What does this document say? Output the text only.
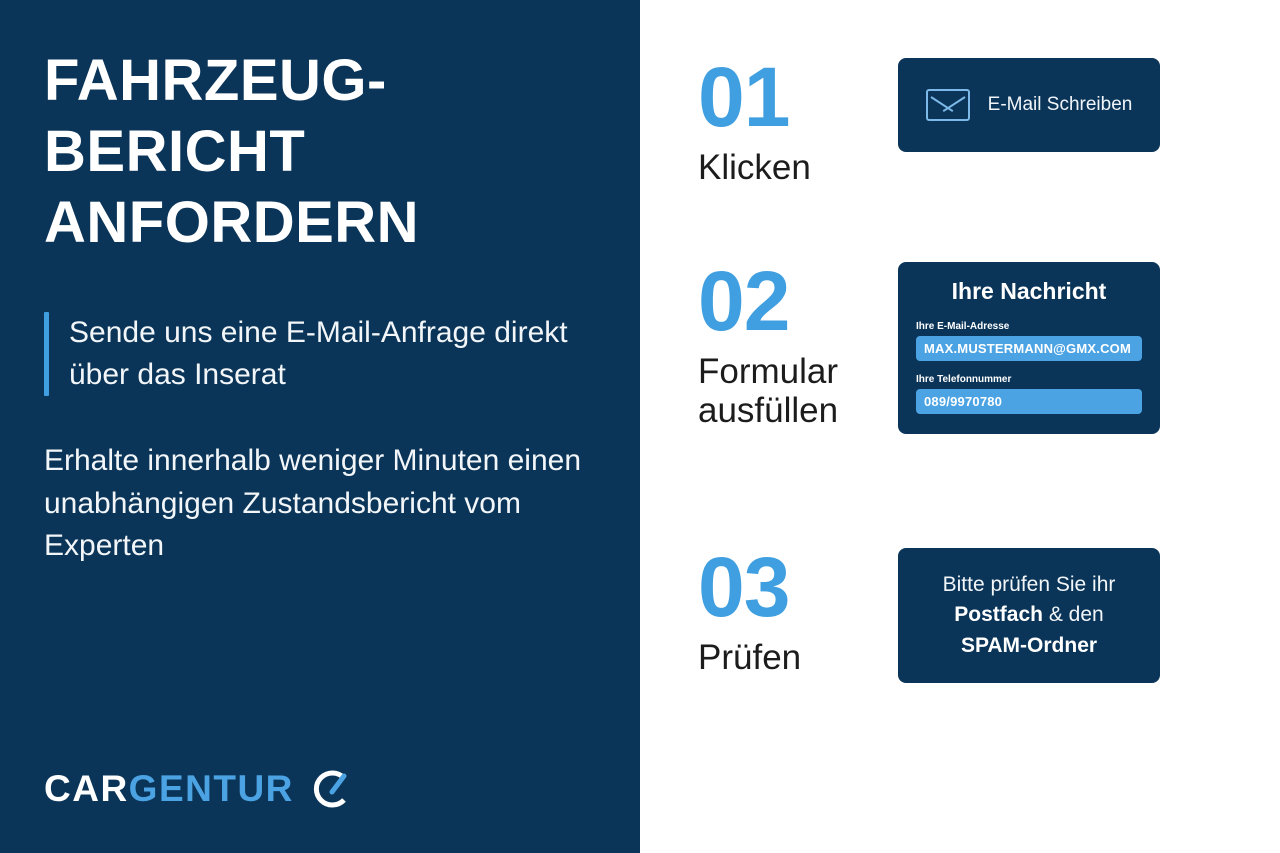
FAHRZEUG-
BERICHT
ANFORDERN
Sende uns eine E-Mail-Anfrage direkt über das Inserat
Erhalte innerhalb weniger Minuten einen unabhängigen Zustandsbericht vom Experten
CAR GENTUR
01
Klicken
E-Mail Schreiben
02
Formular ausfüllen
Ihre Nachricht
Ihre E-Mail-Adresse
MAX.MUSTERMANN@GMX.COM
Ihre Telefonnummer
089/9970780
03
Prüfen
Bitte prüfen Sie ihr
Postfach & den
SPAM-Ordner
